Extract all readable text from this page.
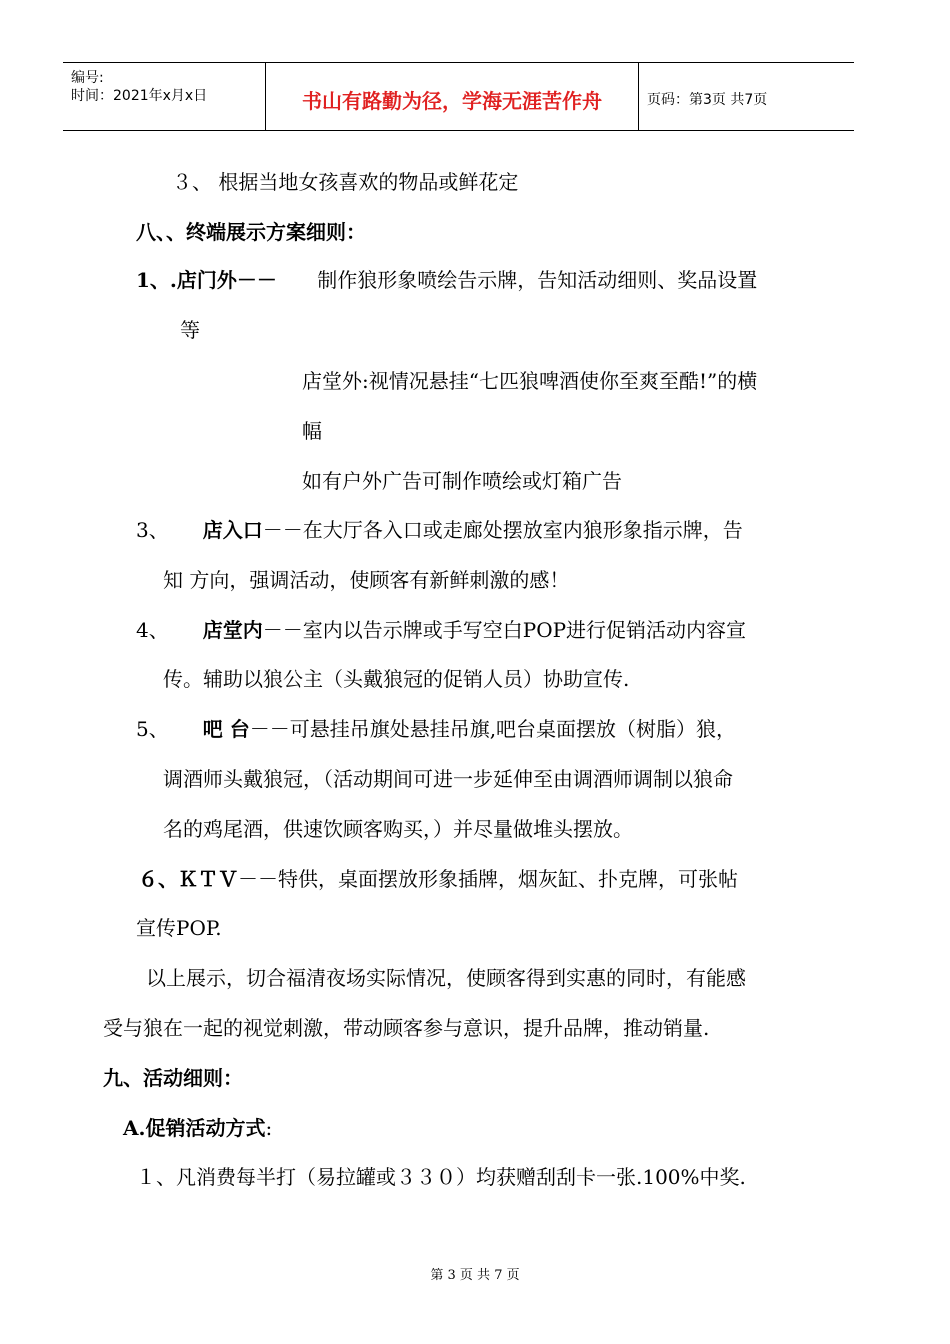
编号:
时间：2021年x月x日	书山有路勤为径，学海无涯苦作舟	页码：第3页 共7页
３、 根据当地女孩喜欢的物品或鲜花定
八、、终端展示方案细则：
1、.店门外－－ 制作狼形象喷绘告示牌，告知活动细则、奖品设置
等
店堂外:视情况悬挂“七匹狼啤酒使你至爽至酷!”的横
幅
如有户外广告可制作喷绘或灯箱广告
3、 店入口－－在大厅各入口或走廊处摆放室内狼形象指示牌，告
知 方向，强调活动，使顾客有新鲜刺激的感！
4、 店堂内－－室内以告示牌或手写空白POP进行促销活动内容宣
传。辅助以狼公主（头戴狼冠的促销人员）协助宣传.
5、 吧 台－－可悬挂吊旗处悬挂吊旗,吧台桌面摆放（树脂）狼，
调酒师头戴狼冠，（活动期间可进一步延伸至由调酒师调制以狼命
名的鸡尾酒，供速饮顾客购买，）并尽量做堆头摆放。
６、ＫＴＶ－－特供，桌面摆放形象插牌，烟灰缸、扑克牌，可张帖
宣传POP.
以上展示，切合福清夜场实际情况，使顾客得到实惠的同时，有能感
受与狼在一起的视觉刺激，带动顾客参与意识，提升品牌，推动销量.
九、活动细则：
A.促销活动方式:
１、凡消费每半打（易拉罐或３３０）均获赠刮刮卡一张.100%中奖.
第 3 页 共 7 页
